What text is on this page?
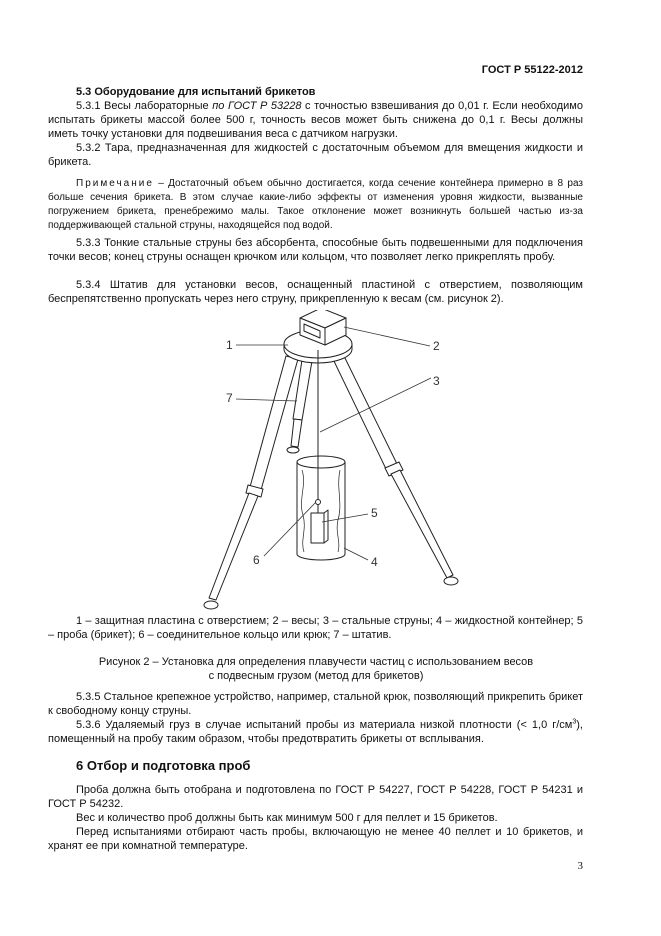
ГОСТ Р 55122-2012

5.3 Оборудование для испытаний брикетов

5.3.1 Весы лабораторные по ГОСТ Р 53228 с точностью взвешивания до 0,01 г. Если необходимо испытать брикеты массой более 500 г, точность весов может быть снижена до 0,1 г. Весы должны иметь точку установки для подвешивания веса с датчиком нагрузки.

5.3.2 Тара, предназначенная для жидкостей с достаточным объемом для вмещения жидкости и брикета.

Примечание – Достаточный объем обычно достигается, когда сечение контейнера примерно в 8 раз больше сечения брикета. В этом случае какие-либо эффекты от изменения уровня жидкости, вызванные погружением брикета, пренебрежимо малы. Такое отклонение может возникнуть большей частью из-за поддерживающей стальной струны, находящейся под водой.

5.3.3 Тонкие стальные струны без абсорбента, способные быть подвешенными для подключения точки весов; конец струны оснащен крючком или кольцом, что позволяет легко прикреплять пробу.

5.3.4 Штатив для установки весов, оснащенный пластиной с отверстием, позволяющим беспрепятственно пропускать через него струну, прикрепленную к весам (см. рисунок 2).

1	2
3
4
5
6
7

1 – защитная пластина с отверстием; 2 – весы; 3 – стальные струны; 4 – жидкостной контейнер; 5 – проба (брикет); 6 – соединительное кольцо или крюк; 7 – штатив.

Рисунок 2 – Установка для определения плавучести частиц с использованием весов с подвесным грузом (метод для брикетов)

5.3.5 Стальное крепежное устройство, например, стальной крюк, позволяющий прикрепить брикет к свободному концу струны.

5.3.6 Удаляемый груз в случае испытаний пробы из материала низкой плотности (< 1,0 $г/см^3$), помещенный на пробу таким образом, чтобы предотвратить брикеты от всплывания.

6 Отбор и подготовка проб

Проба должна быть отобрана и подготовлена по ГОСТ Р 54227, ГОСТ Р 54228, ГОСТ Р 54231 и ГОСТ Р 54232.

Вес и количество проб должны быть как минимум 500 г для пеллет и 15 брикетов.

Перед испытаниями отбирают часть пробы, включающую не менее 40 пеллет и 10 брикетов, и хранят ее при комнатной температуре.

3
